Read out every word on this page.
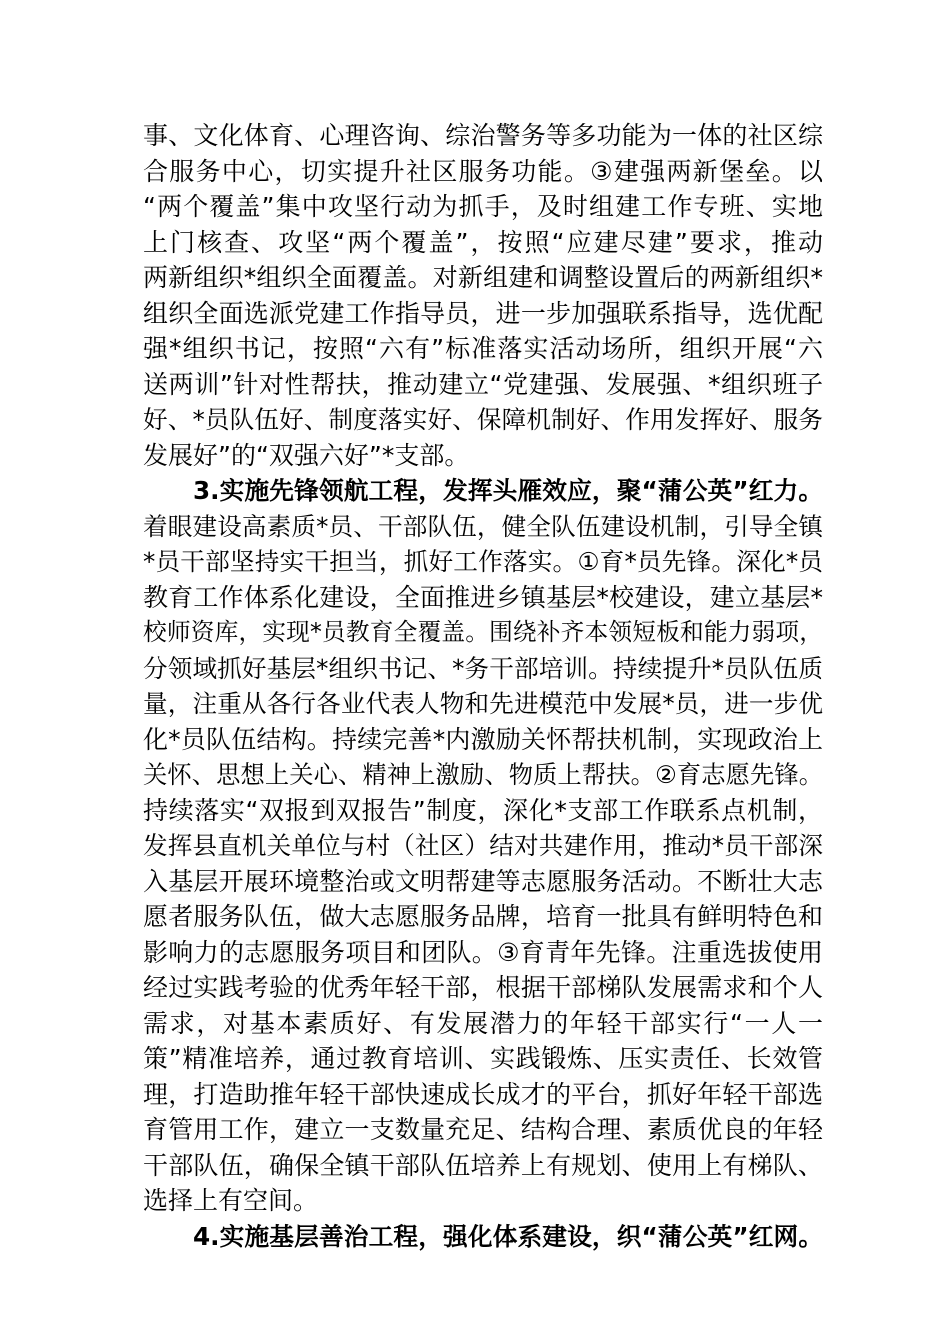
事、文化体育、心理咨询、综治警务等多功能为一体的社区综
合服务中心，切实提升社区服务功能。③建强两新堡垒。以
“两个覆盖”集中攻坚行动为抓手，及时组建工作专班、实地
上门核查、攻坚“两个覆盖”，按照“应建尽建”要求，推动
两新组织*组织全面覆盖。对新组建和调整设置后的两新组织*
组织全面选派党建工作指导员，进一步加强联系指导，选优配
强*组织书记，按照“六有”标准落实活动场所，组织开展“六
送两训”针对性帮扶，推动建立“党建强、发展强、*组织班子
好、*员队伍好、制度落实好、保障机制好、作用发挥好、服务
发展好”的“双强六好”*支部。
3.实施先锋领航工程，发挥头雁效应，聚“蒲公英”红力。
着眼建设高素质*员、干部队伍，健全队伍建设机制，引导全镇
*员干部坚持实干担当，抓好工作落实。①育*员先锋。深化*员
教育工作体系化建设，全面推进乡镇基层*校建设，建立基层*
校师资库，实现*员教育全覆盖。围绕补齐本领短板和能力弱项，
分领域抓好基层*组织书记、*务干部培训。持续提升*员队伍质
量，注重从各行各业代表人物和先进模范中发展*员，进一步优
化*员队伍结构。持续完善*内激励关怀帮扶机制，实现政治上
关怀、思想上关心、精神上激励、物质上帮扶。②育志愿先锋。
持续落实“双报到双报告”制度，深化*支部工作联系点机制，
发挥县直机关单位与村（社区）结对共建作用，推动*员干部深
入基层开展环境整治或文明帮建等志愿服务活动。不断壮大志
愿者服务队伍，做大志愿服务品牌，培育一批具有鲜明特色和
影响力的志愿服务项目和团队。③育青年先锋。注重选拔使用
经过实践考验的优秀年轻干部，根据干部梯队发展需求和个人
需求，对基本素质好、有发展潜力的年轻干部实行“一人一
策”精准培养，通过教育培训、实践锻炼、压实责任、长效管
理，打造助推年轻干部快速成长成才的平台，抓好年轻干部选
育管用工作，建立一支数量充足、结构合理、素质优良的年轻
干部队伍，确保全镇干部队伍培养上有规划、使用上有梯队、
选择上有空间。
4.实施基层善治工程，强化体系建设，织“蒲公英”红网。
